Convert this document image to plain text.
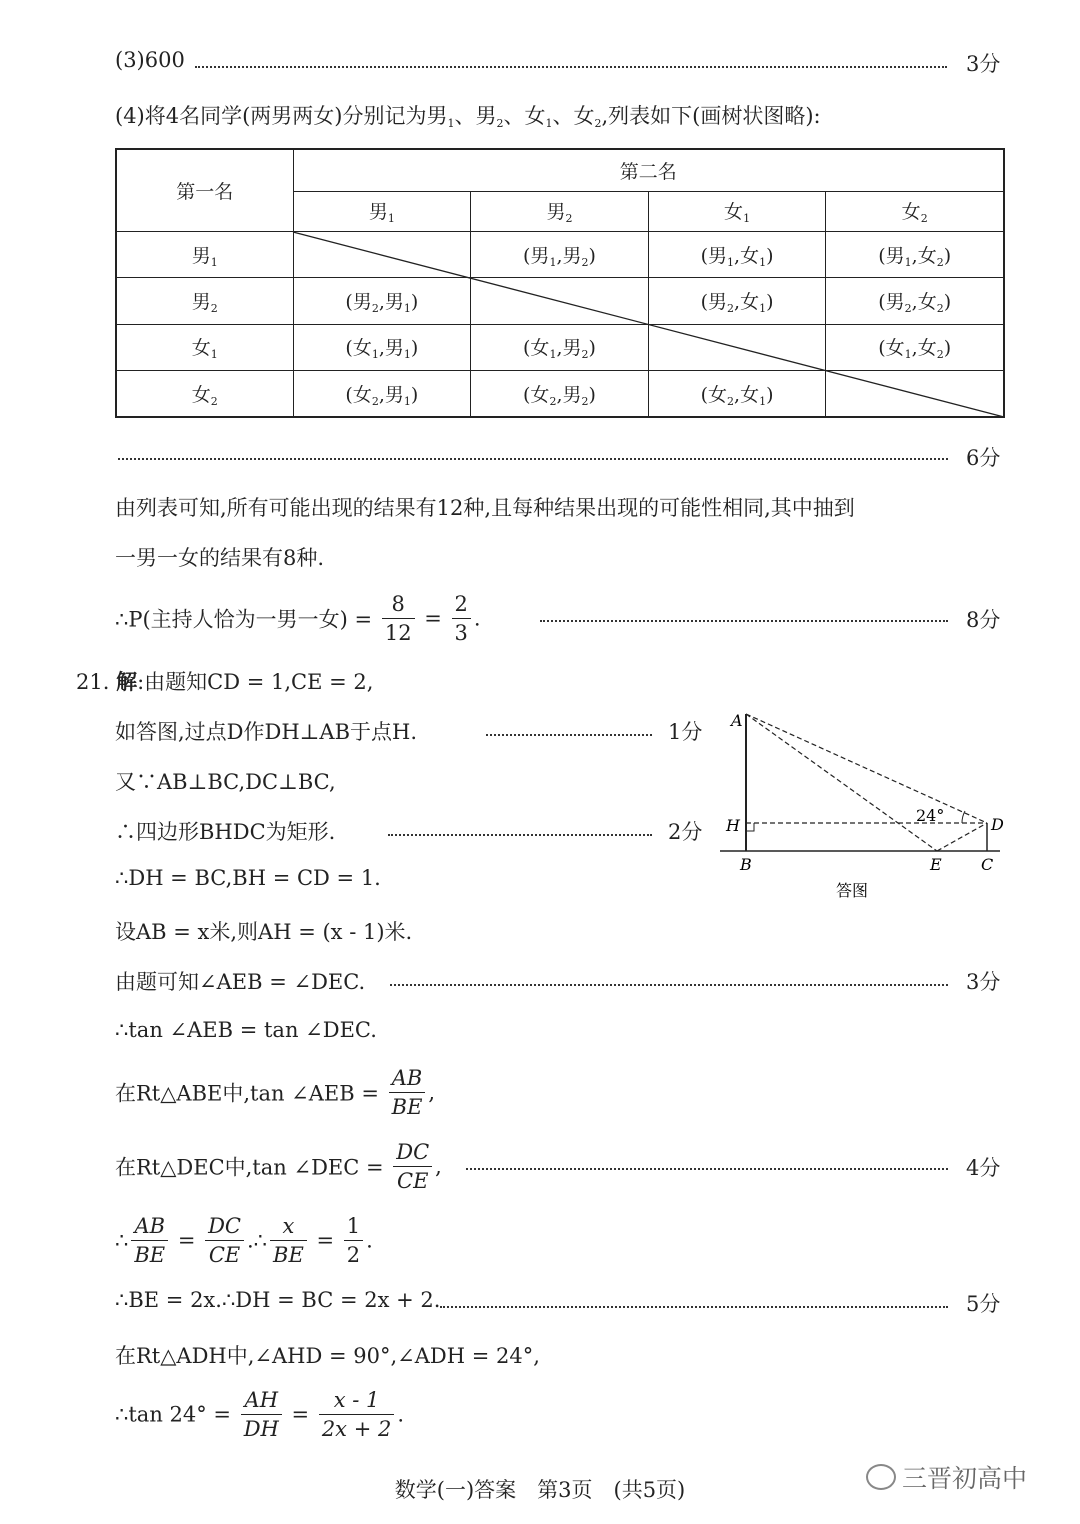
(3)600	3分
(4)将4名同学(两男两女)分别记为男$_1$、男$_2$、女$_1$、女$_2$,列表如下(画树状图略):
第一名	第二名			
	男$_1$	男$_2$	女$_1$	女$_2$
男$_1$		(男$_1$,男$_2$)	(男$_1$,女$_1$)	(男$_1$,女$_2$)
男$_2$	(男$_2$,男$_1$)		(男$_2$,女$_1$)	(男$_2$,女$_2$)
女$_1$	(女$_1$,男$_1$)	(女$_1$,男$_2$)		(女$_1$,女$_2$)
女$_2$	(女$_2$,男$_1$)	(女$_2$,男$_2$)	(女$_2$,女$_1$)	
6分
由列表可知,所有可能出现的结果有12种,且每种结果出现的可能性相同,其中抽到
一男一女的结果有8种.
∴P(主持人恰为一男一女) = $\frac{8}{12} = \frac{2}{3}$ .	8分
21. 解:由题知CD = 1,CE = 2,
如答图,过点D作DH⊥AB于点H.	1分
又∵AB⊥BC,DC⊥BC,
∴四边形BHDC为矩形.	2分
∴DH = BC,BH = CD = 1.
设AB = x米,则AH = (x - 1)米.
由题可知∠AEB = ∠DEC.	3分
∴tan ∠AEB = tan ∠DEC.
在Rt△ABE中,tan ∠AEB = $\frac{AB}{BE}$ ,
在Rt△DEC中,tan ∠DEC = $\frac{DC}{CE}$ ,	4分
∴ $\frac{AB}{BE} = \frac{DC}{CE}$ .∴ $\frac{x}{BE} = \frac{1}{2}$ .
∴BE = 2x.∴DH = BC = 2x + 2.	5分
在Rt△ADH中,∠AHD = 90°,∠ADH = 24°,
∴tan $24^\circ = \frac{AH}{DH} = \frac{x - 1}{2x + 2}$ .
A
H
B	E C
D
24°
答图
数学(一)答案　第3页　(共5页)	三晋初高中
